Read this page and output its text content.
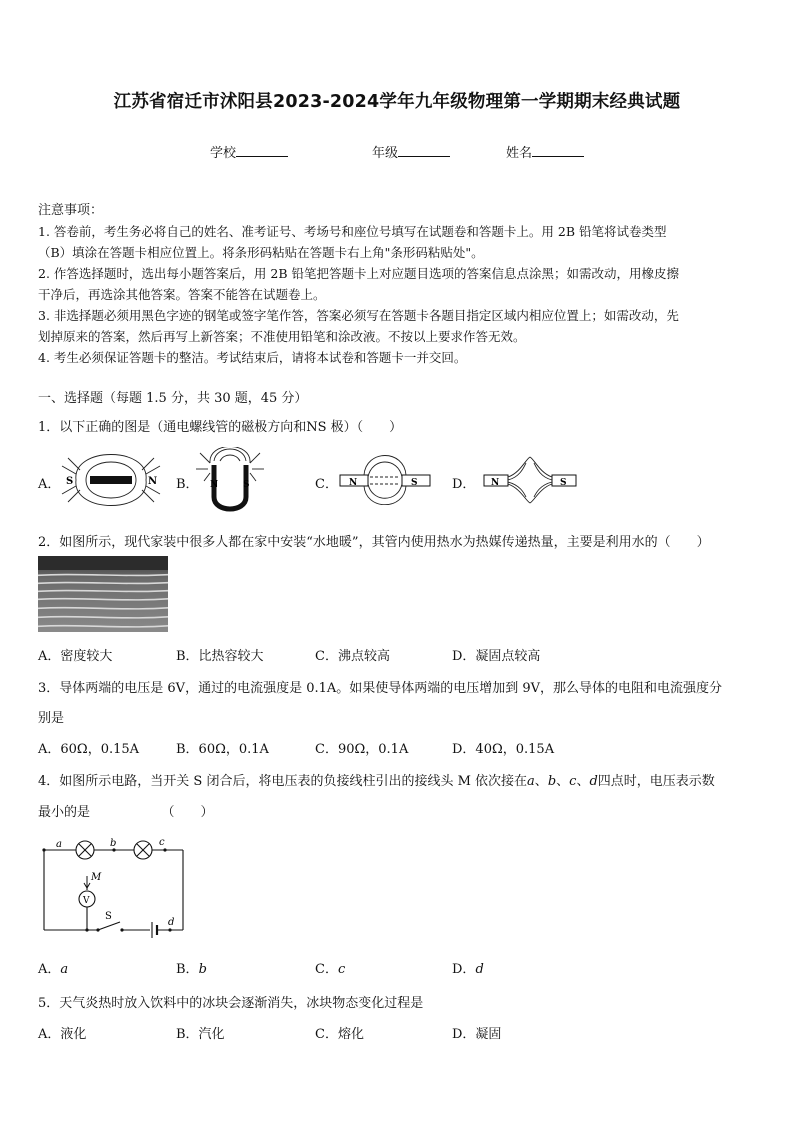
江苏省宿迁市沭阳县2023-2024学年九年级物理第一学期期末经典试题
学校	年级	姓名
注意事项：
1. 答卷前，考生务必将自己的姓名、准考证号、考场号和座位号填写在试题卷和答题卡上。用 2B 铅笔将试卷类型
（B）填涂在答题卡相应位置上。将条形码粘贴在答题卡右上角"条形码粘贴处"。
2. 作答选择题时，选出每小题答案后，用 2B 铅笔把答题卡上对应题目选项的答案信息点涂黑；如需改动，用橡皮擦
干净后，再选涂其他答案。答案不能答在试题卷上。
3. 非选择题必须用黑色字迹的钢笔或签字笔作答，答案必须写在答题卡各题目指定区域内相应位置上；如需改动，先
划掉原来的答案，然后再写上新答案；不准使用铅笔和涂改液。不按以上要求作答无效。
4. 考生必须保证答题卡的整洁。考试结束后，请将本试卷和答题卡一并交回。
一、选择题（每题 1.5 分，共 30 题，45 分）
1．以下正确的图是（通电螺线管的磁极方向和NS 极）（　　）
A． S	N B． N	S	C． N	S	D． N	S
2．如图所示，现代家装中很多人都在家中安装“水地暖”，其管内使用热水为热媒传递热量，主要是利用水的（　　）
A．密度较大	B．比热容较大	C．沸点较高	D．凝固点较高
3．导体两端的电压是 6V，通过的电流强度是 0.1A。如果使导体两端的电压增加到 9V，那么导体的电阻和电流强度分
别是
A．60Ω，0.15A	B．60Ω，0.1A	C．90Ω，0.1A	D．40Ω，0.15A
4．如图所示电路，当开关 S 闭合后，将电压表的负接线柱引出的接线头 M 依次接在a、b、c、d四点时，电压表示数
最小的是　　　　　　（　　）
a	b	c
d
M
V
S
A．a	B．b	C．c	D．d
5．天气炎热时放入饮料中的冰块会逐渐消失，冰块物态变化过程是
A．液化	B．汽化	C．熔化	D．凝固
